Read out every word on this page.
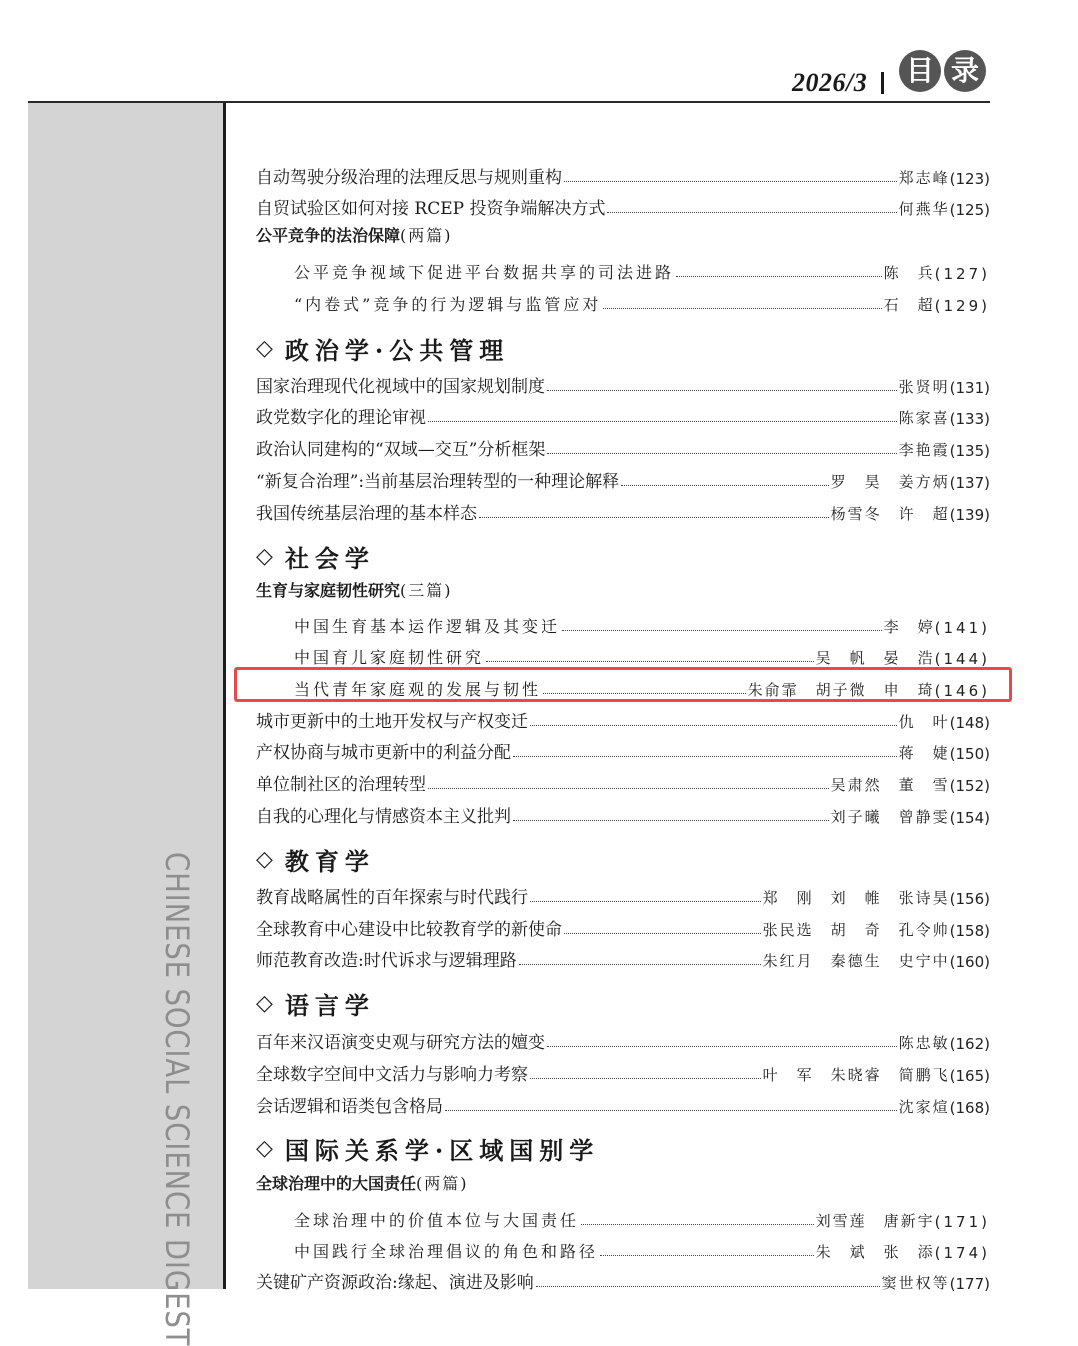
2026/3 目 录
CHINESE SOCIAL SCIENCE DIGEST
自动驾驶分级治理的法理反思与规则重构	郑志峰 (123)
自贸试验区如何对接 RCEP 投资争端解决方式	何燕华 (125)
公平竞争的法治保障(两篇)
公平竞争视域下促进平台数据共享的司法进路	陈　兵 (127)
“内卷式”竞争的行为逻辑与监管应对	石　超 (129)
◇ 政治学·公共管理
国家治理现代化视域中的国家规划制度	张贤明 (131)
政党数字化的理论审视	陈家喜 (133)
政治认同建构的“双域—交互”分析框架	李艳霞 (135)
“新复合治理”:当前基层治理转型的一种理论解释	罗　昊　姜方炳 (137)
我国传统基层治理的基本样态	杨雪冬　许　超 (139)
◇ 社会学
生育与家庭韧性研究(三篇)
中国生育基本运作逻辑及其变迁	李　婷 (141)
中国育儿家庭韧性研究	吴　帆　晏　浩 (144)
当代青年家庭观的发展与韧性	朱俞霏　胡子微　申　琦 (146)
城市更新中的土地开发权与产权变迁	仇　叶 (148)
产权协商与城市更新中的利益分配	蒋　婕 (150)
单位制社区的治理转型	吴肃然　董　雪 (152)
自我的心理化与情感资本主义批判	刘子曦　曾静雯 (154)
◇ 教育学
教育战略属性的百年探索与时代践行	郑　刚　刘　帷　张诗昊 (156)
全球教育中心建设中比较教育学的新使命	张民选　胡　奇　孔令帅 (158)
师范教育改造:时代诉求与逻辑理路	朱红月　秦德生　史宁中 (160)
◇ 语言学
百年来汉语演变史观与研究方法的嬗变	陈忠敏 (162)
全球数字空间中文活力与影响力考察	叶　军　朱晓睿　简鹏飞 (165)
会话逻辑和语类包含格局	沈家煊 (168)
◇ 国际关系学·区域国别学
全球治理中的大国责任(两篇)
全球治理中的价值本位与大国责任	刘雪莲　唐新宇 (171)
中国践行全球治理倡议的角色和路径	朱　斌　张　添 (174)
关键矿产资源政治:缘起、演进及影响	窦世权等 (177)
